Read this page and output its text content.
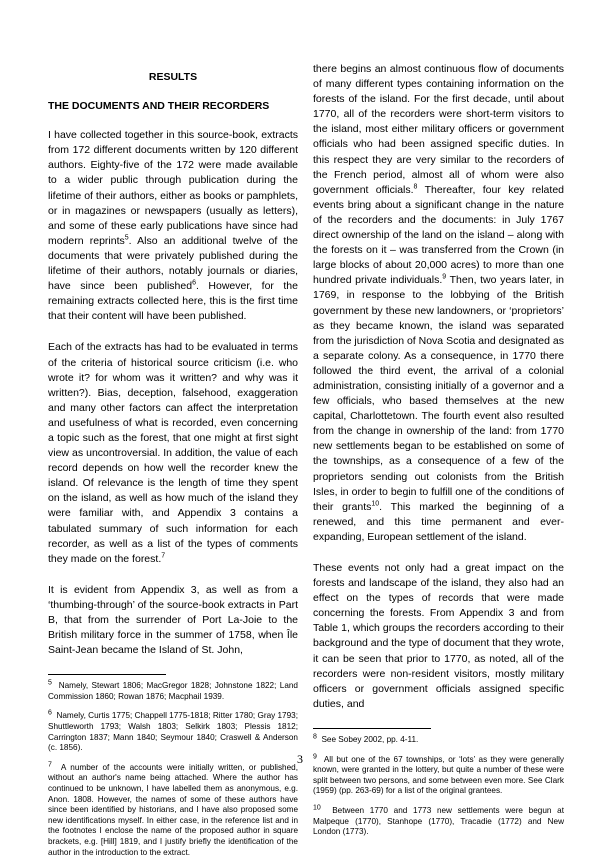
RESULTS
THE DOCUMENTS AND THEIR RECORDERS

I have collected together in this source-book, extracts from 172 different documents written by 120 different authors. Eighty-five of the 172 were made available to a wider public through publication during the lifetime of their authors, either as books or pamphlets, or in magazines or newspapers (usually as letters), and some of these early publications have since had modern reprints$^5$. Also an additional twelve of the documents that were privately published during the lifetime of their authors, notably journals or diaries, have since been published$^6$. However, for the remaining extracts collected here, this is the first time that their content will have been published.

Each of the extracts has had to be evaluated in terms of the criteria of historical source criticism (i.e. who wrote it? for whom was it written? and why was it written?). Bias, deception, falsehood, exaggeration and many other factors can affect the interpretation and usefulness of what is recorded, even concerning a topic such as the forest, that one might at first sight view as uncontroversial. In addition, the value of each record depends on how well the recorder knew the island. Of relevance is the length of time they spent on the island, as well as how much of the island they were familiar with, and Appendix 3 contains a tabulated summary of such information for each recorder, as well as a list of the types of comments they made on the forest.$^7$

It is evident from Appendix 3, as well as from a ‘thumbing-through’ of the source-book extracts in Part B, that from the surrender of Port La-Joie to the British military force in the summer of 1758, when Île Saint-Jean became the Island of St. John,

$^5$ Namely, Stewart 1806; MacGregor 1828; Johnstone 1822; Land Commission 1860; Rowan 1876; Macphail 1939.
$^6$ Namely, Curtis 1775; Chappell 1775-1818; Ritter 1780; Gray 1793; Shuttleworth 1793; Walsh 1803; Selkirk 1803; Plessis 1812; Carrington 1837; Mann 1840; Seymour 1840; Craswell & Anderson (c. 1856).
$^7$ A number of the accounts were initially written, or published, without an author's name being attached. Where the author has continued to be unknown, I have labelled them as anonymous, e.g. Anon. 1808. However, the names of some of these authors have since been identified by historians, and I have also proposed some new identifications myself. In either case, in the reference list and in the footnotes I enclose the name of the proposed author in square brackets, e.g. [Hill] 1819, and I justify briefly the identification of the author in the introduction to the extract.

there begins an almost continuous flow of documents of many different types containing information on the forests of the island. For the first decade, until about 1770, all of the recorders were short-term visitors to the island, most either military officers or government officials who had been assigned specific duties. In this respect they are very similar to the recorders of the French period, almost all of whom were also government officials.$^8$ Thereafter, four key related events bring about a significant change in the nature of the recorders and the documents: in July 1767 direct ownership of the land on the island – along with the forests on it – was transferred from the Crown (in large blocks of about 20,000 acres) to more than one hundred private individuals.$^9$ Then, two years later, in 1769, in response to the lobbying of the British government by these new landowners, or ‘proprietors’ as they became known, the island was separated from the jurisdiction of Nova Scotia and designated as a separate colony. As a consequence, in 1770 there followed the third event, the arrival of a colonial administration, consisting initially of a governor and a few officials, who based themselves at the new capital, Charlottetown. The fourth event also resulted from the change in ownership of the land: from 1770 new settlements began to be established on some of the townships, as a consequence of a few of the proprietors sending out colonists from the British Isles, in order to begin to fulfill one of the conditions of their grants$^{10}$. This marked the beginning of a renewed, and this time permanent and ever-expanding, European settlement of the island.

These events not only had a great impact on the forests and landscape of the island, they also had an effect on the types of records that were made concerning the forests. From Appendix 3 and from Table 1, which groups the recorders according to their background and the type of document that they wrote, it can be seen that prior to 1770, as noted, all of the recorders were non-resident visitors, mostly military officers or government officials assigned specific duties, and

$^8$ See Sobey 2002, pp. 4-11.
$^9$ All but one of the 67 townships, or ‘lots’ as they were generally known, were granted in the lottery, but quite a number of these were split between two persons, and some between even more. See Clark (1959) (pp. 263-69) for a list of the original grantees.
$^{10}$ Between 1770 and 1773 new settlements were begun at Malpeque (1770), Stanhope (1770), Tracadie (1772) and New London (1773).
3
